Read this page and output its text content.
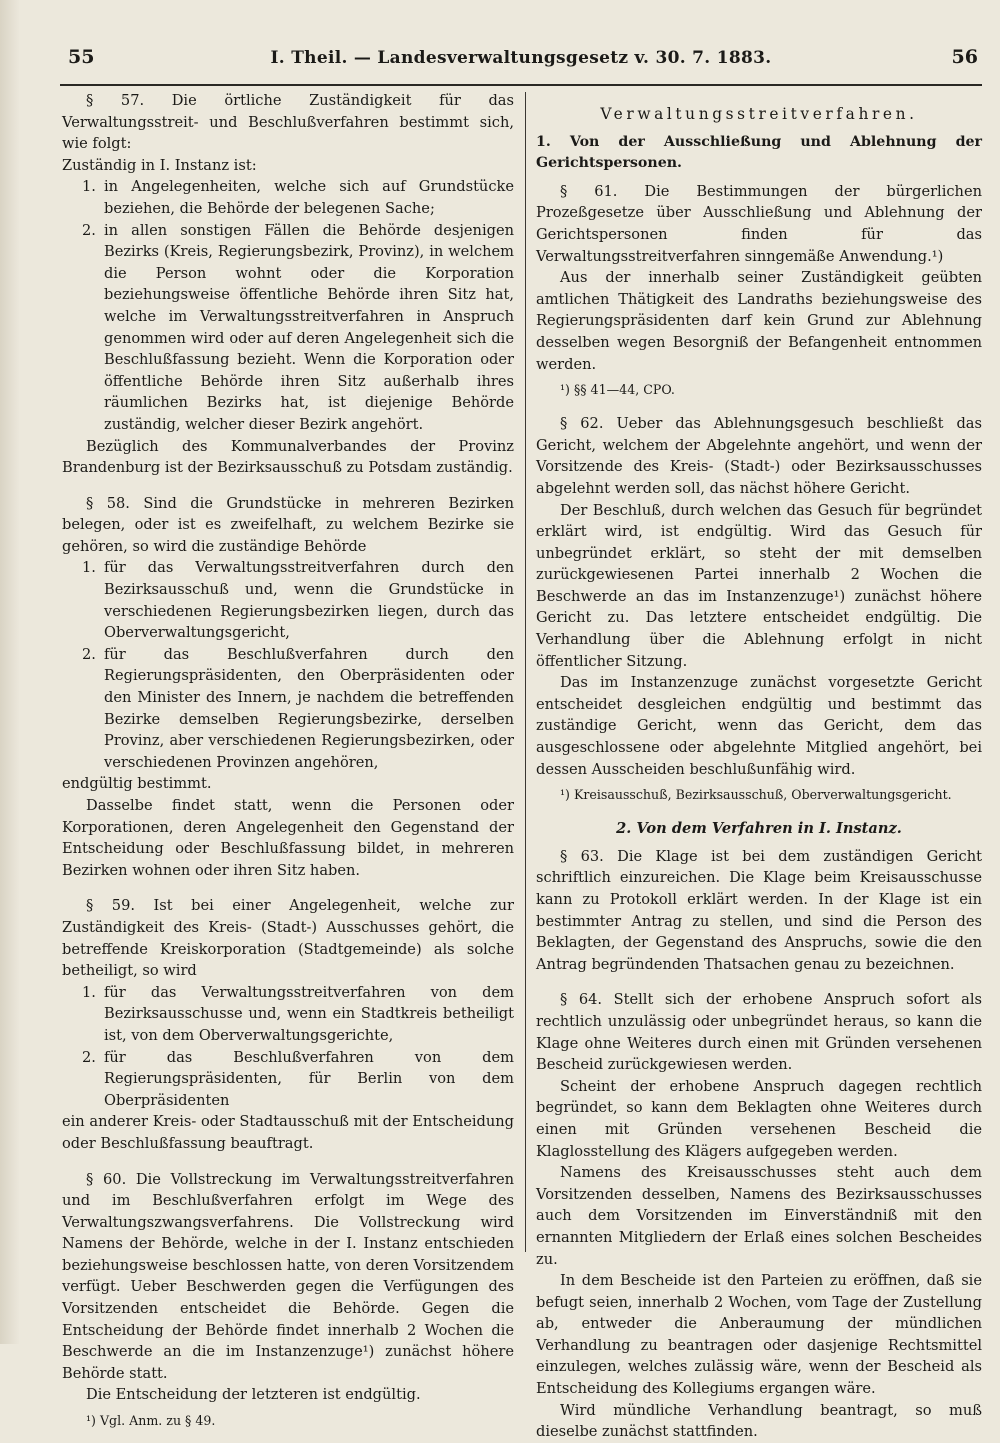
55	I. Theil. — Landesverwaltungsgesetz v. 30. 7. 1883.	56

§ 57. Die örtliche Zuständigkeit für das Verwaltungsstreit- und Beschlußverfahren bestimmt sich, wie folgt:

Zuständig in I. Instanz ist:

1. in Angelegenheiten, welche sich auf Grundstücke beziehen, die Behörde der belegenen Sache;

2. in allen sonstigen Fällen die Behörde desjenigen Bezirks (Kreis, Regierungsbezirk, Provinz), in welchem die Person wohnt oder die Korporation beziehungsweise öffentliche Behörde ihren Sitz hat, welche im Verwaltungsstreitverfahren in Anspruch genommen wird oder auf deren Angelegenheit sich die Beschlußfassung bezieht. Wenn die Korporation oder öffentliche Behörde ihren Sitz außerhalb ihres räumlichen Bezirks hat, ist diejenige Behörde zuständig, welcher dieser Bezirk angehört.

Bezüglich des Kommunalverbandes der Provinz Brandenburg ist der Bezirksausschuß zu Potsdam zuständig.

§ 58. Sind die Grundstücke in mehreren Bezirken belegen, oder ist es zweifelhaft, zu welchem Bezirke sie gehören, so wird die zuständige Behörde

1. für das Verwaltungsstreitverfahren durch den Bezirksausschuß und, wenn die Grundstücke in verschiedenen Regierungsbezirken liegen, durch das Oberverwaltungsgericht,

2. für das Beschlußverfahren durch den Regierungspräsidenten, den Oberpräsidenten oder den Minister des Innern, je nachdem die betreffenden Bezirke demselben Regierungsbezirke, derselben Provinz, aber verschiedenen Regierungsbezirken, oder verschiedenen Provinzen angehören,

endgültig bestimmt.

Dasselbe findet statt, wenn die Personen oder Korporationen, deren Angelegenheit den Gegenstand der Entscheidung oder Beschlußfassung bildet, in mehreren Bezirken wohnen oder ihren Sitz haben.

§ 59. Ist bei einer Angelegenheit, welche zur Zuständigkeit des Kreis- (Stadt-) Ausschusses gehört, die betreffende Kreiskorporation (Stadtgemeinde) als solche betheiligt, so wird

1. für das Verwaltungsstreitverfahren von dem Bezirksausschusse und, wenn ein Stadtkreis betheiligt ist, von dem Oberverwaltungsgerichte,

2. für das Beschlußverfahren von dem Regierungspräsidenten, für Berlin von dem Oberpräsidenten

ein anderer Kreis- oder Stadtausschuß mit der Entscheidung oder Beschlußfassung beauftragt.

§ 60. Die Vollstreckung im Verwaltungsstreitverfahren und im Beschlußverfahren erfolgt im Wege des Verwaltungszwangsverfahrens. Die Vollstreckung wird Namens der Behörde, welche in der I. Instanz entschieden beziehungsweise beschlossen hatte, von deren Vorsitzendem verfügt. Ueber Beschwerden gegen die Verfügungen des Vorsitzenden entscheidet die Behörde. Gegen die Entscheidung der Behörde findet innerhalb 2 Wochen die Beschwerde an die im Instanzenzuge¹) zunächst höhere Behörde statt.

Die Entscheidung der letzteren ist endgültig.

¹) Vgl. Anm. zu § 49.

Verwaltungsstreitverfahren.

1. Von der Ausschließung und Ablehnung der Gerichtspersonen.

§ 61. Die Bestimmungen der bürgerlichen Prozeßgesetze über Ausschließung und Ablehnung der Gerichtspersonen finden für das Verwaltungsstreitverfahren sinngemäße Anwendung.¹)

Aus der innerhalb seiner Zuständigkeit geübten amtlichen Thätigkeit des Landraths beziehungsweise des Regierungspräsidenten darf kein Grund zur Ablehnung desselben wegen Besorgniß der Befangenheit entnommen werden.

¹) §§ 41—44, CPO.

§ 62. Ueber das Ablehnungsgesuch beschließt das Gericht, welchem der Abgelehnte angehört, und wenn der Vorsitzende des Kreis- (Stadt-) oder Bezirksausschusses abgelehnt werden soll, das nächst höhere Gericht.

Der Beschluß, durch welchen das Gesuch für begründet erklärt wird, ist endgültig. Wird das Gesuch für unbegründet erklärt, so steht der mit demselben zurückgewiesenen Partei innerhalb 2 Wochen die Beschwerde an das im Instanzenzuge¹) zunächst höhere Gericht zu. Das letztere entscheidet endgültig. Die Verhandlung über die Ablehnung erfolgt in nicht öffentlicher Sitzung.

Das im Instanzenzuge zunächst vorgesetzte Gericht entscheidet desgleichen endgültig und bestimmt das zuständige Gericht, wenn das Gericht, dem das ausgeschlossene oder abgelehnte Mitglied angehört, bei dessen Ausscheiden beschlußunfähig wird.

¹) Kreisausschuß, Bezirksausschuß, Oberverwaltungsgericht.

2. Von dem Verfahren in I. Instanz.

§ 63. Die Klage ist bei dem zuständigen Gericht schriftlich einzureichen. Die Klage beim Kreisausschusse kann zu Protokoll erklärt werden. In der Klage ist ein bestimmter Antrag zu stellen, und sind die Person des Beklagten, der Gegenstand des Anspruchs, sowie die den Antrag begründenden Thatsachen genau zu bezeichnen.

§ 64. Stellt sich der erhobene Anspruch sofort als rechtlich unzulässig oder unbegründet heraus, so kann die Klage ohne Weiteres durch einen mit Gründen versehenen Bescheid zurückgewiesen werden.

Scheint der erhobene Anspruch dagegen rechtlich begründet, so kann dem Beklagten ohne Weiteres durch einen mit Gründen versehenen Bescheid die Klaglosstellung des Klägers aufgegeben werden.

Namens des Kreisausschusses steht auch dem Vorsitzenden desselben, Namens des Bezirksausschusses auch dem Vorsitzenden im Einverständniß mit den ernannten Mitgliedern der Erlaß eines solchen Bescheides zu.

In dem Bescheide ist den Parteien zu eröffnen, daß sie befugt seien, innerhalb 2 Wochen, vom Tage der Zustellung ab, entweder die Anberaumung der mündlichen Verhandlung zu beantragen oder dasjenige Rechtsmittel einzulegen, welches zulässig wäre, wenn der Bescheid als Entscheidung des Kollegiums ergangen wäre.

Wird mündliche Verhandlung beantragt, so muß dieselbe zunächst stattfinden.
